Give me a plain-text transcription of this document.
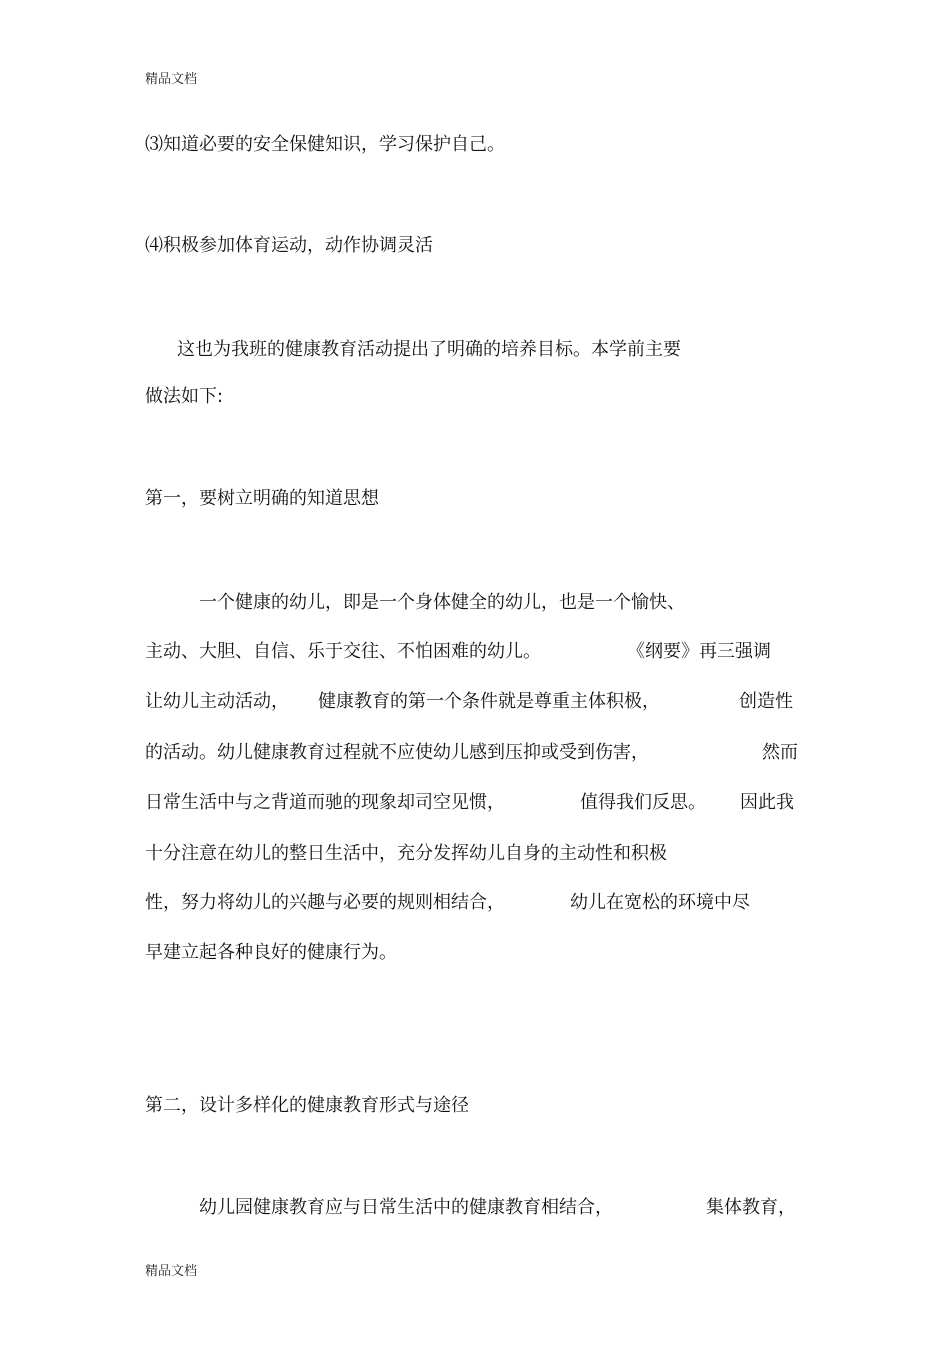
精品文档
⑶知道必要的安全保健知识，学习保护自己。
⑷积极参加体育运动，动作协调灵活
这也为我班的健康教育活动提出了明确的培养目标。本学前主要
做法如下:
第一，要树立明确的知道思想
一个健康的幼儿，即是一个身体健全的幼儿，也是一个愉快、
主动、大胆、自信、乐于交往、不怕困难的幼儿。	《纲要》再三强调
让幼儿主动活动， 健康教育的第一个条件就是尊重主体积极，	创造性
的活动。幼儿健康教育过程就不应使幼儿感到压抑或受到伤害，	然而
日常生活中与之背道而驰的现象却司空见惯，	值得我们反思。 因此我
十分注意在幼儿的整日生活中，充分发挥幼儿自身的主动性和积极
性，努力将幼儿的兴趣与必要的规则相结合，	幼儿在宽松的环境中尽
早建立起各种良好的健康行为。
第二，设计多样化的健康教育形式与途径
幼儿园健康教育应与日常生活中的健康教育相结合，	集体教育，
精品文档
